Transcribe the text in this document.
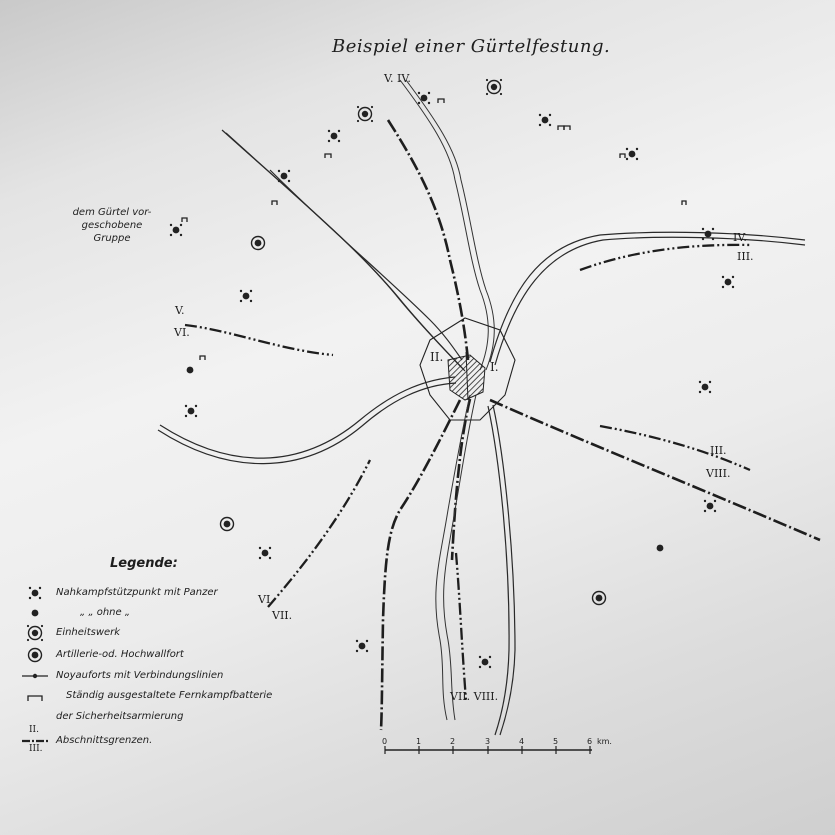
Beispiel einer Gürtelfestung.
dem Gürtel vor-
geschobene
Gruppe
V. IV.
IV.
III.
V.
VI.
III.
VIII.
VI.
VII.
VII. VIII.
II.
I.
Legende:
Nahkampfstützpunkt mit Panzer
„ „ ohne „
Einheitswerk
Artillerie-od. Hochwallfort
Noyauforts mit Verbindungslinien
Ständig ausgestaltete Fernkampfbatterie
der Sicherheitsarmierung
Abschnittsgrenzen.
II.
III.
0	1	2	3	4	5	6 km.
